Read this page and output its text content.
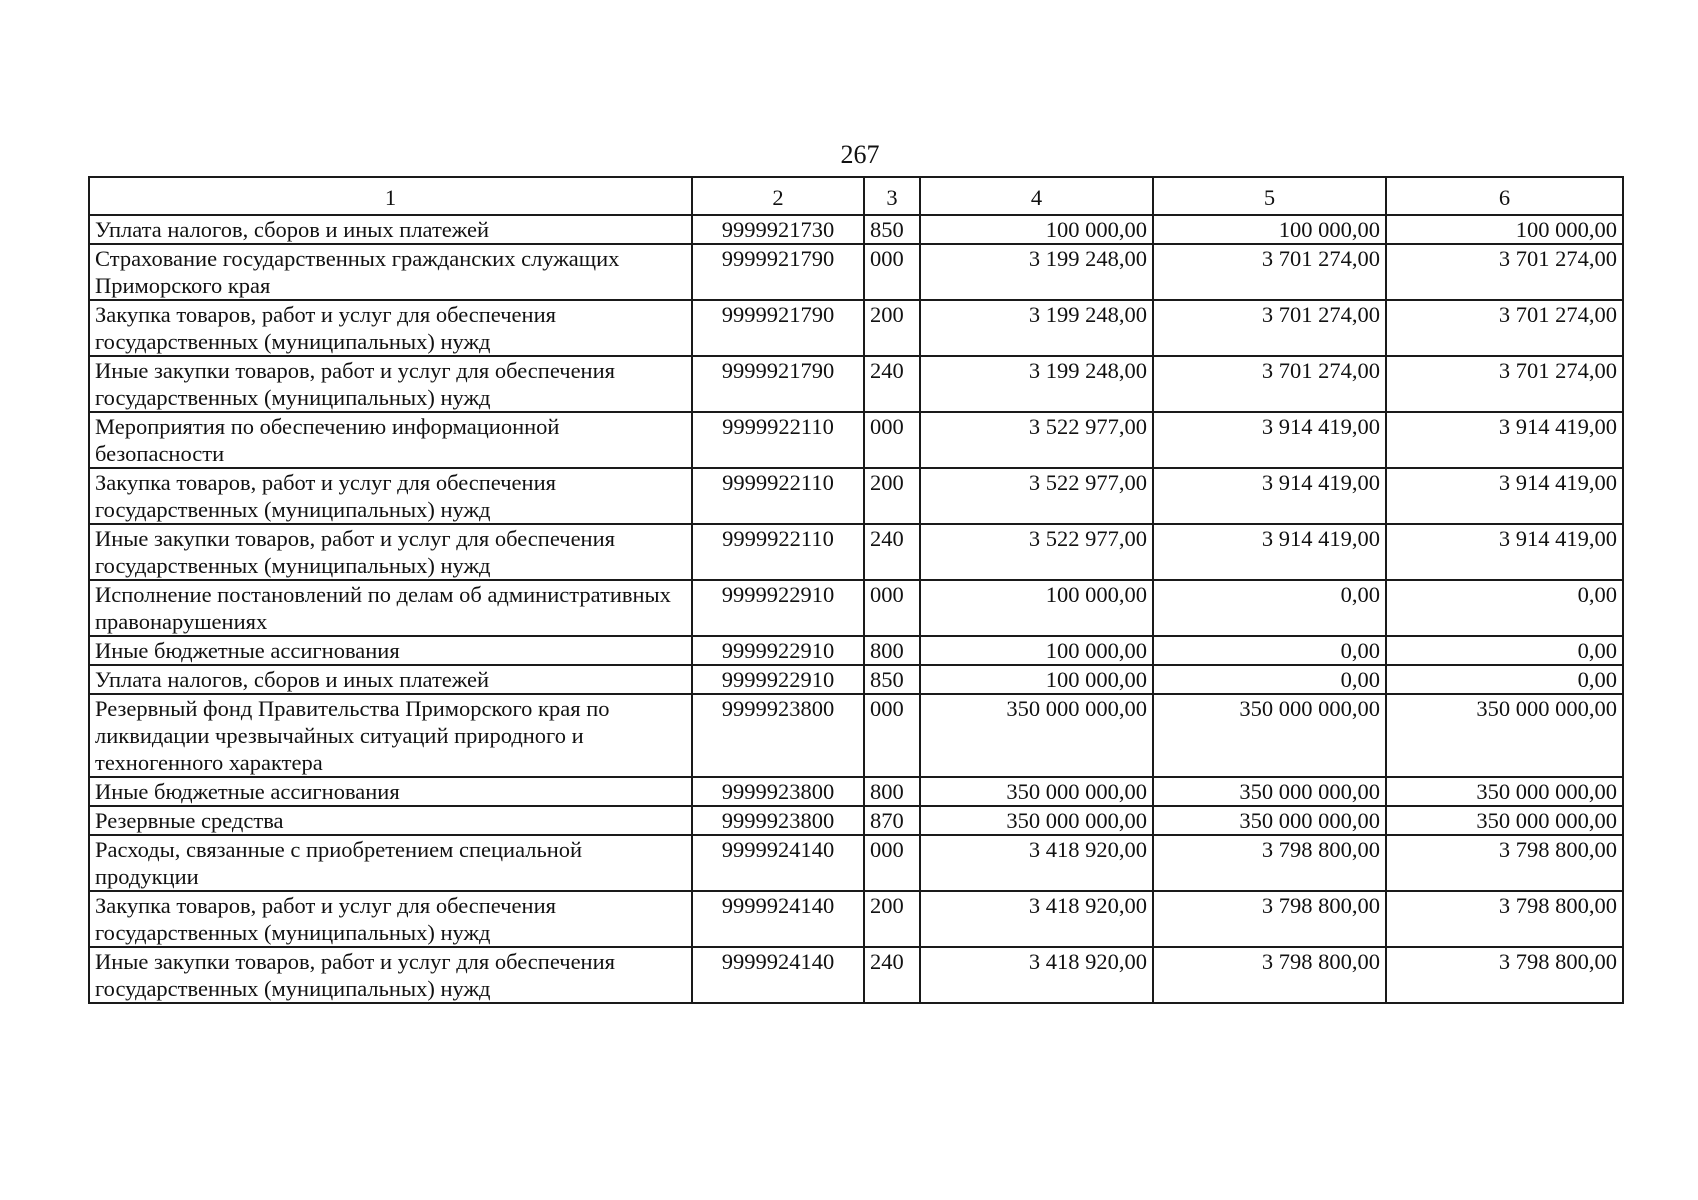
267
1	2	3	4	5	6
Уплата налогов, сборов и иных платежей	9999921730	850	100 000,00	100 000,00	100 000,00
Страхование государственных гражданских служащих Приморского края	9999921790	000	3 199 248,00	3 701 274,00	3 701 274,00
Закупка товаров, работ и услуг для обеспечения государственных (муниципальных) нужд	9999921790	200	3 199 248,00	3 701 274,00	3 701 274,00
Иные закупки товаров, работ и услуг для обеспечения государственных (муниципальных) нужд	9999921790	240	3 199 248,00	3 701 274,00	3 701 274,00
Мероприятия по обеспечению информационной безопасности	9999922110	000	3 522 977,00	3 914 419,00	3 914 419,00
Закупка товаров, работ и услуг для обеспечения государственных (муниципальных) нужд	9999922110	200	3 522 977,00	3 914 419,00	3 914 419,00
Иные закупки товаров, работ и услуг для обеспечения государственных (муниципальных) нужд	9999922110	240	3 522 977,00	3 914 419,00	3 914 419,00
Исполнение постановлений по делам об административных правонарушениях	9999922910	000	100 000,00	0,00	0,00
Иные бюджетные ассигнования	9999922910	800	100 000,00	0,00	0,00
Уплата налогов, сборов и иных платежей	9999922910	850	100 000,00	0,00	0,00
Резервный фонд Правительства Приморского края по ликвидации чрезвычайных ситуаций природного и техногенного характера	9999923800	000	350 000 000,00	350 000 000,00	350 000 000,00
Иные бюджетные ассигнования	9999923800	800	350 000 000,00	350 000 000,00	350 000 000,00
Резервные средства	9999923800	870	350 000 000,00	350 000 000,00	350 000 000,00
Расходы, связанные с приобретением специальной продукции	9999924140	000	3 418 920,00	3 798 800,00	3 798 800,00
Закупка товаров, работ и услуг для обеспечения государственных (муниципальных) нужд	9999924140	200	3 418 920,00	3 798 800,00	3 798 800,00
Иные закупки товаров, работ и услуг для обеспечения государственных (муниципальных) нужд	9999924140	240	3 418 920,00	3 798 800,00	3 798 800,00
